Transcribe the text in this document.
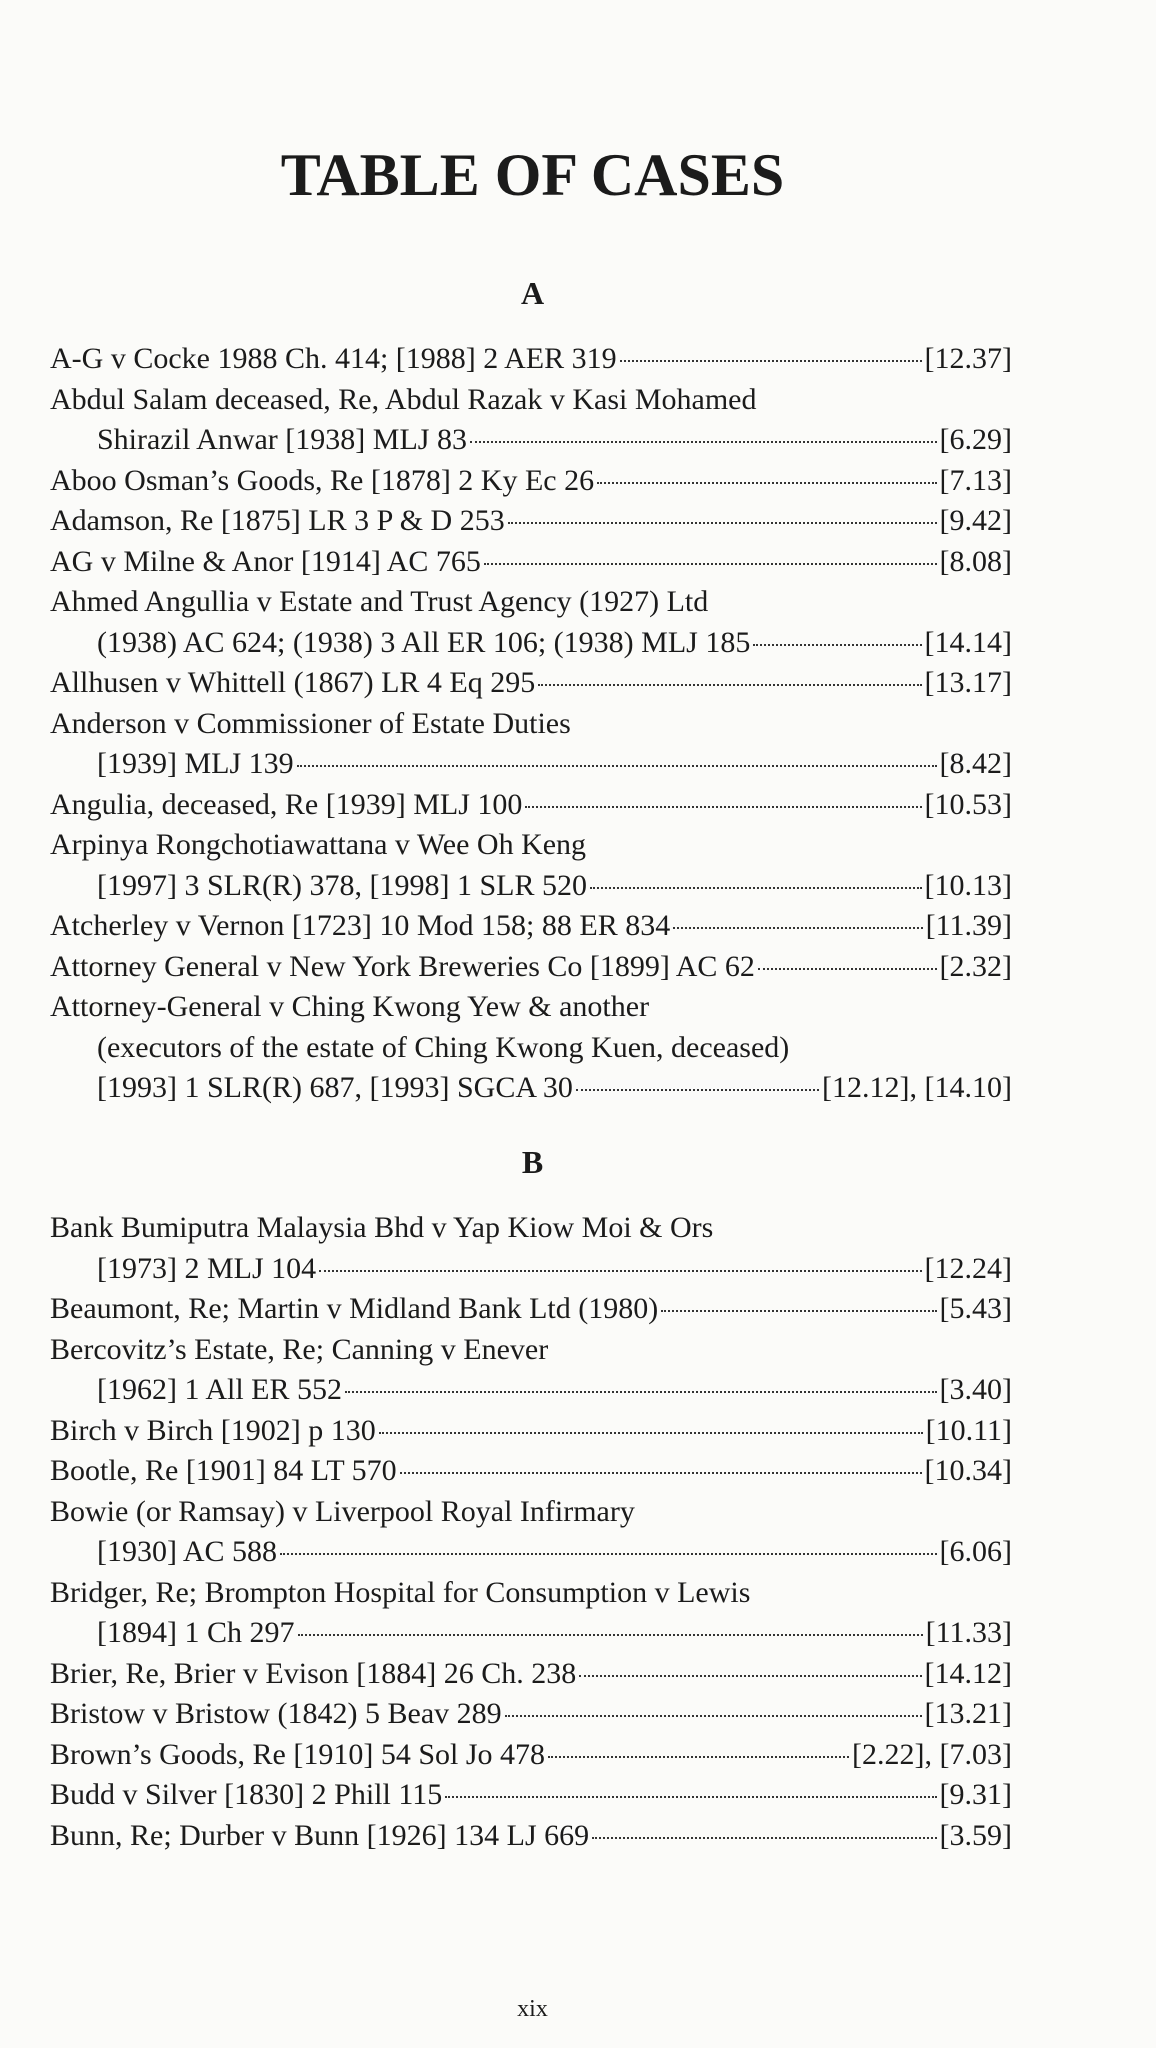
TABLE OF CASES
A
A-G v Cocke 1988 Ch. 414; [1988] 2 AER 319	[12.37]
Abdul Salam deceased, Re, Abdul Razak v Kasi Mohamed
Shirazil Anwar [1938] MLJ 83	[6.29]
Aboo Osman’s Goods, Re [1878] 2 Ky Ec 26	[7.13]
Adamson, Re [1875] LR 3 P & D 253	[9.42]
AG v Milne & Anor [1914] AC 765	[8.08]
Ahmed Angullia v Estate and Trust Agency (1927) Ltd
(1938) AC 624; (1938) 3 All ER 106; (1938) MLJ 185	[14.14]
Allhusen v Whittell (1867) LR 4 Eq 295	[13.17]
Anderson v Commissioner of Estate Duties
[1939] MLJ 139	[8.42]
Angulia, deceased, Re [1939] MLJ 100	[10.53]
Arpinya Rongchotiawattana v Wee Oh Keng
[1997] 3 SLR(R) 378, [1998] 1 SLR 520	[10.13]
Atcherley v Vernon [1723] 10 Mod 158; 88 ER 834	[11.39]
Attorney General v New York Breweries Co [1899] AC 62	[2.32]
Attorney-General v Ching Kwong Yew & another
(executors of the estate of Ching Kwong Kuen, deceased)
[1993] 1 SLR(R) 687, [1993] SGCA 30	[12.12], [14.10]
B
Bank Bumiputra Malaysia Bhd v Yap Kiow Moi & Ors
[1973] 2 MLJ 104	[12.24]
Beaumont, Re; Martin v Midland Bank Ltd (1980)	[5.43]
Bercovitz’s Estate, Re; Canning v Enever
[1962] 1 All ER 552	[3.40]
Birch v Birch [1902] p 130	[10.11]
Bootle, Re [1901] 84 LT 570	[10.34]
Bowie (or Ramsay) v Liverpool Royal Infirmary
[1930] AC 588	[6.06]
Bridger, Re; Brompton Hospital for Consumption v Lewis
[1894] 1 Ch 297	[11.33]
Brier, Re, Brier v Evison [1884] 26 Ch. 238	[14.12]
Bristow v Bristow (1842) 5 Beav 289	[13.21]
Brown’s Goods, Re [1910] 54 Sol Jo 478	[2.22], [7.03]
Budd v Silver [1830] 2 Phill 115	[9.31]
Bunn, Re; Durber v Bunn [1926] 134 LJ 669	[3.59]
xix
